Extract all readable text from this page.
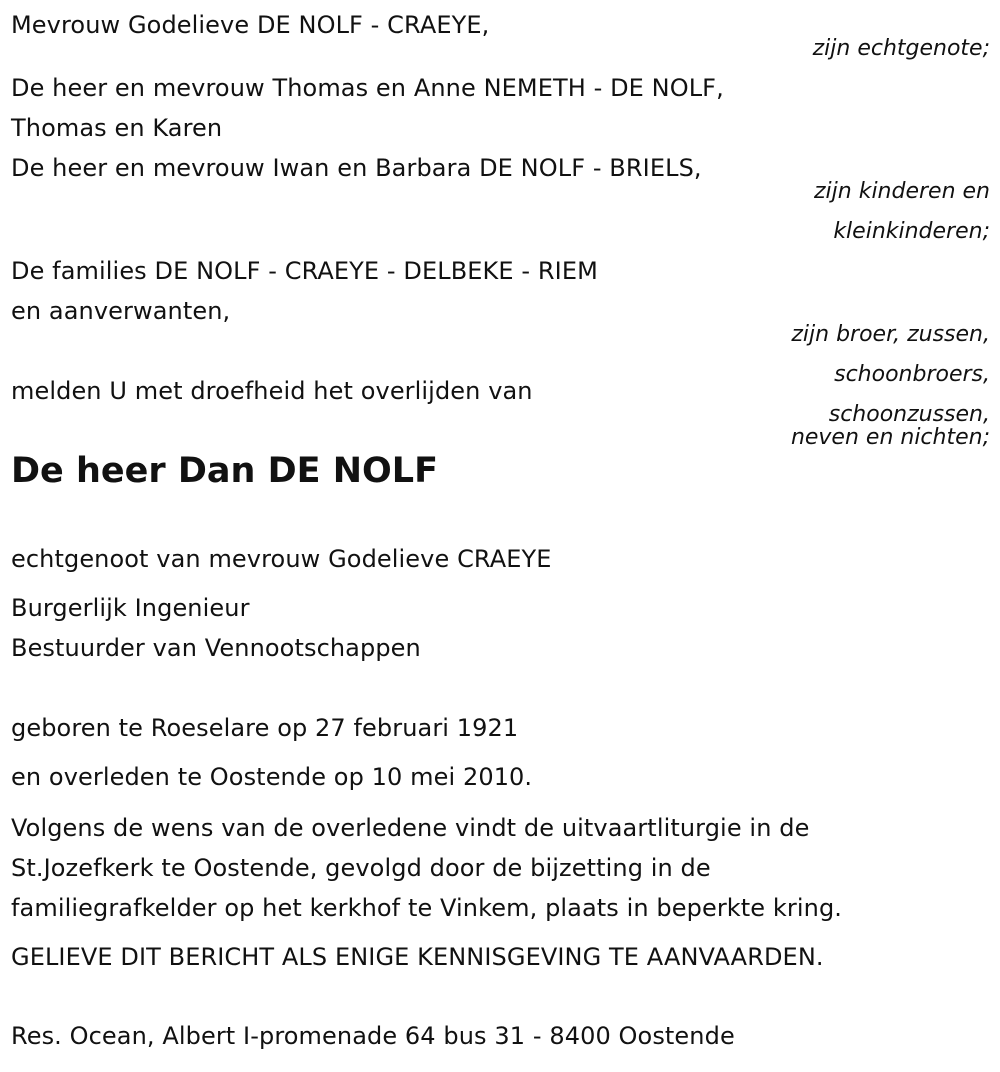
Mevrouw Godelieve DE NOLF - CRAEYE,
zijn echtgenote;
De heer en mevrouw Thomas en Anne NEMETH - DE NOLF,
Thomas en Karen
De heer en mevrouw Iwan en Barbara DE NOLF - BRIELS,
zijn kinderen en
kleinkinderen;
De families DE NOLF - CRAEYE - DELBEKE - RIEM
en aanverwanten,
zijn broer, zussen,
schoonbroers,
melden U met droefheid het overlijden van
schoonzussen,
neven en nichten;
De heer Dan DE NOLF
echtgenoot van mevrouw Godelieve CRAEYE
Burgerlijk Ingenieur
Bestuurder van Vennootschappen
geboren te Roeselare op 27 februari 1921
en overleden te Oostende op 10 mei 2010.
Volgens de wens van de overledene vindt de uitvaartliturgie in de
St.Jozefkerk te Oostende, gevolgd door de bijzetting in de
familiegrafkelder op het kerkhof te Vinkem, plaats in beperkte kring.
GELIEVE DIT BERICHT ALS ENIGE KENNISGEVING TE AANVAARDEN.
Res. Ocean, Albert I-promenade 64 bus 31 - 8400 Oostende
